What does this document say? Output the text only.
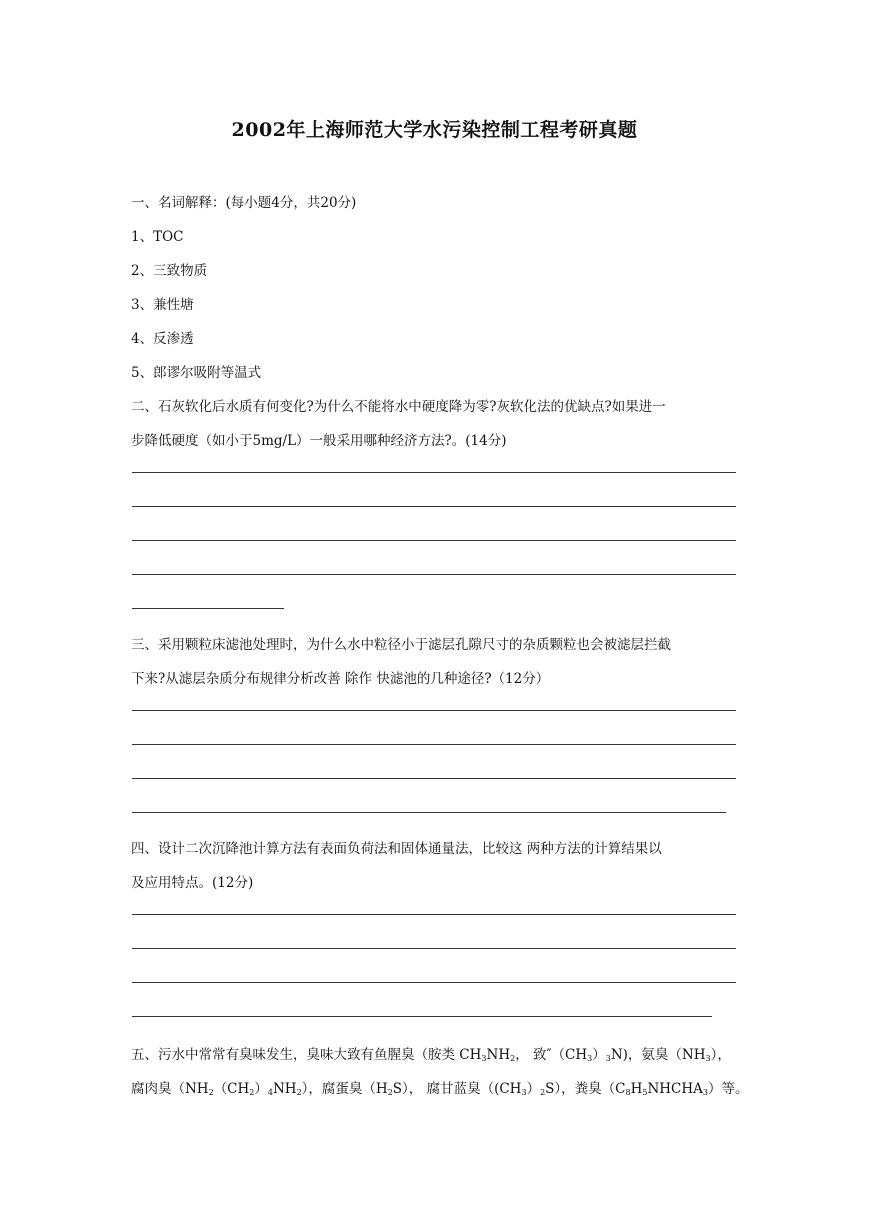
2002年上海师范大学水污染控制工程考研真题
一、名词解释：(每小题4分，共20分)
1、TOC
2、三致物质
3、兼性塘
4、反渗透
5、郎谬尔吸附等温式
二、石灰软化后水质有何变化?为什么不能将水中硬度降为零?灰软化法的优缺点?如果进一
步降低硬度（如小于5mg/L）一般采用哪种经济方法?。(14分)
三、采用颗粒床滤池处理时，为什么水中粒径小于滤层孔隙尺寸的杂质颗粒也会被滤层拦截
下来?从滤层杂质分布规律分析改善 除作 快滤池的几种途径?（12分）
四、设计二次沉降池计算方法有表面负荷法和固体通量法，比较这 两种方法的计算结果以
及应用特点。(12分)
五、污水中常常有臭味发生，臭味大致有鱼腥臭（胺类 $CH_3NH_2$， 致$''(CH_3)_3N$)，氨臭$(NH_3)$，
腐肉臭$(NH_2(CH_2)_4NH_2)$，腐蛋臭$(H_2S)$， 腐甘蓝臭$((CH_3)_2S)$，粪臭$(C_8H_5NHCHA_3)$等。
